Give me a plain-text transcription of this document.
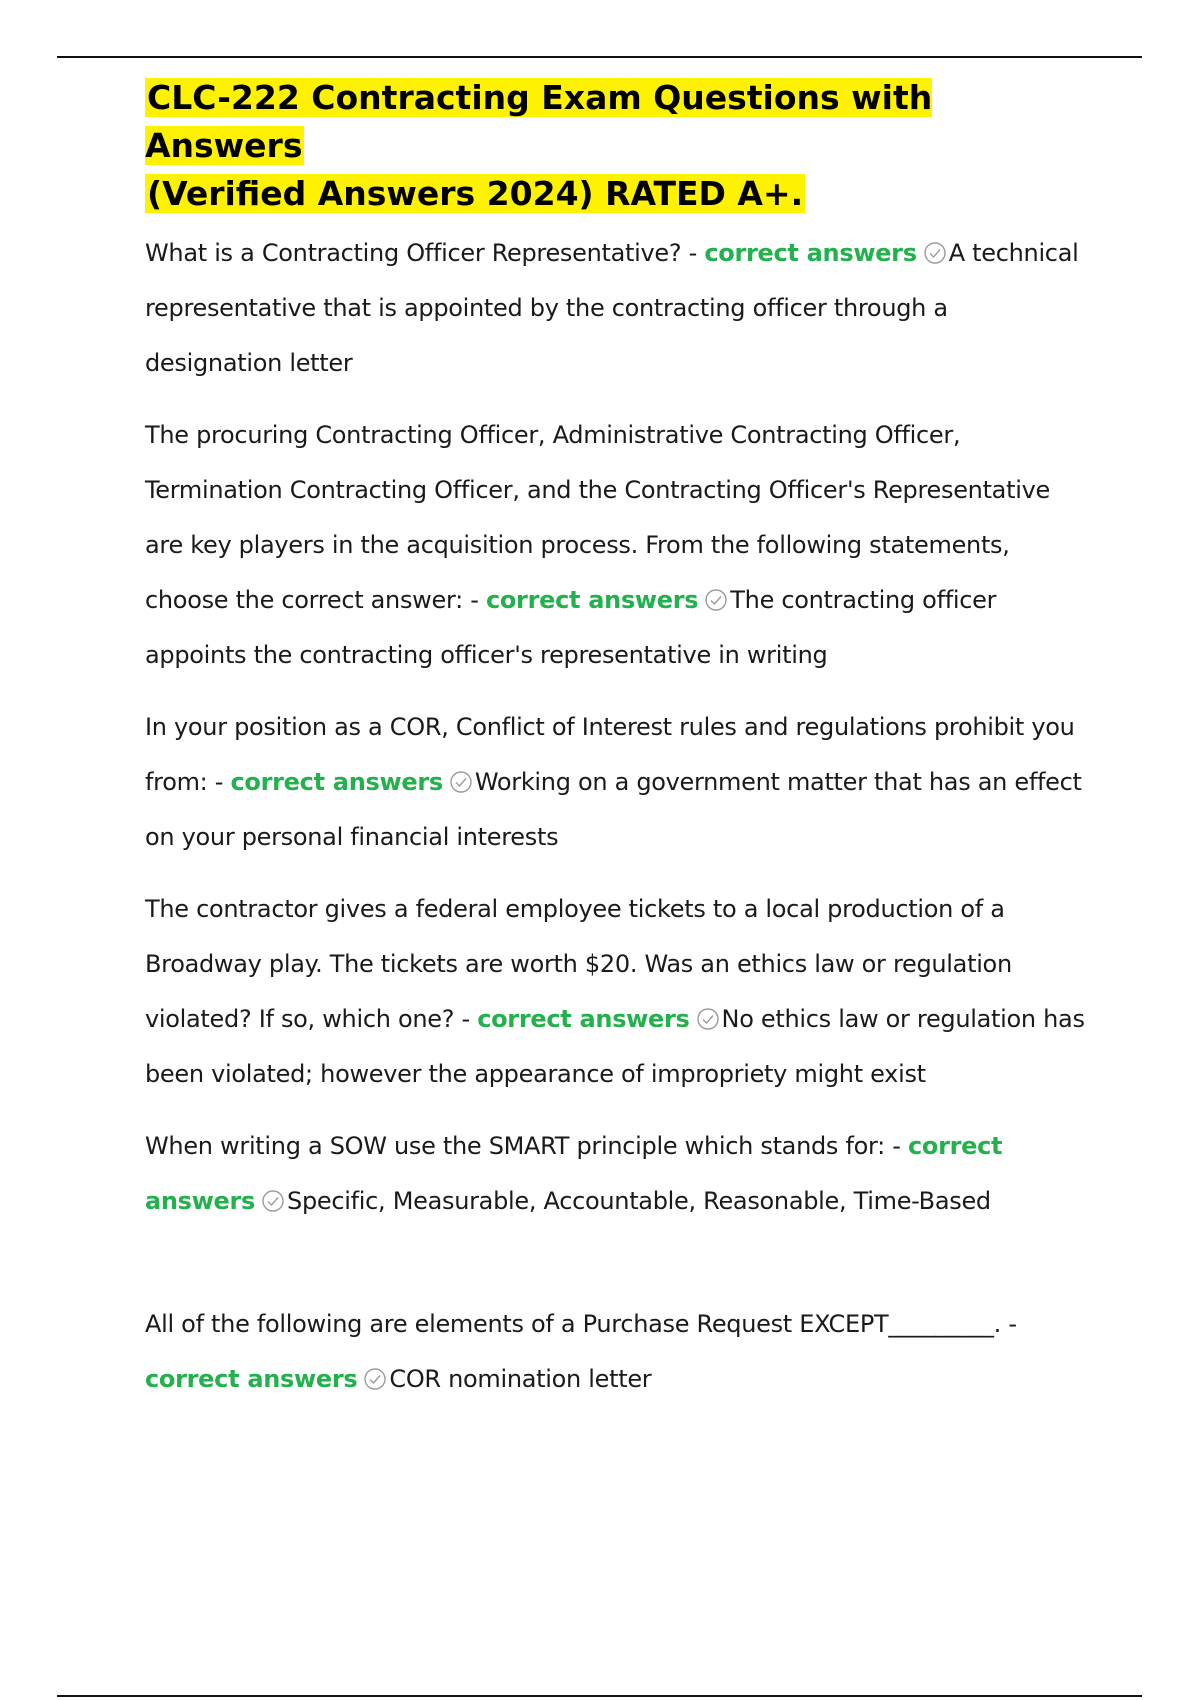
CLC-222 Contracting Exam Questions with Answers
(Verified Answers 2024) RATED A+.

What is a Contracting Officer Representative? - correct answers A technical representative that is appointed by the contracting officer through a designation letter

The procuring Contracting Officer, Administrative Contracting Officer, Termination Contracting Officer, and the Contracting Officer's Representative are key players in the acquisition process. From the following statements, choose the correct answer: - correct answers The contracting officer appoints the contracting officer's representative in writing

In your position as a COR, Conflict of Interest rules and regulations prohibit you from: - correct answers Working on a government matter that has an effect on your personal financial interests

The contractor gives a federal employee tickets to a local production of a Broadway play. The tickets are worth $20. Was an ethics law or regulation violated? If so, which one? - correct answers No ethics law or regulation has been violated; however the appearance of impropriety might exist

When writing a SOW use the SMART principle which stands for: - correct answers Specific, Measurable, Accountable, Reasonable, Time-Based

All of the following are elements of a Purchase Request EXCEPT_________. - correct answers COR nomination letter
